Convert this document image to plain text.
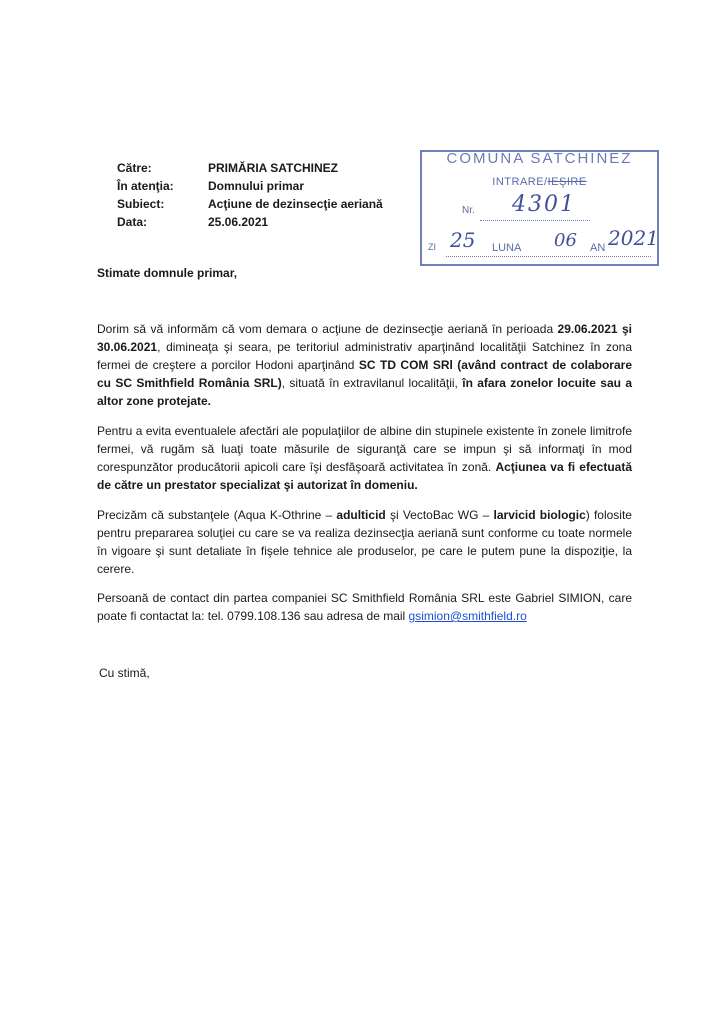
Către:	PRIMĂRIA SATCHINEZ
În atenţia:	Domnului primar
Subiect:	Acţiune de dezinsecţie aeriană
Data:	25.06.2021
COMUNA SATCHINEZ
INTRARE/IEŞIRE
Nr. 4301
ZI 25 LUNA 06 AN 2021
Stimate domnule primar,
Dorim să vă informăm că vom demara o acţiune de dezinsecţie aeriană în perioada 29.06.2021 şi 30.06.2021, dimineaţa şi seara, pe teritoriul administrativ aparţinând localităţii Satchinez în zona fermei de creştere a porcilor Hodoni aparţinând SC TD COM SRl (având contract de colaborare cu SC Smithfield România SRL), situată în extravilanul localităţii, în afara zonelor locuite sau a altor zone protejate.
Pentru a evita eventualele afectări ale populaţiilor de albine din stupinele existente în zonele limitrofe fermei, vă rugăm să luaţi toate măsurile de siguranţă care se impun şi să informaţi în mod corespunzător producătorii apicoli care îşi desfăşoară activitatea în zonă. Acţiunea va fi efectuată de către un prestator specializat şi autorizat în domeniu.
Precizăm că substanţele (Aqua K-Othrine – adulticid şi VectoBac WG – larvicid biologic) folosite pentru prepararea soluţiei cu care se va realiza dezinsecţia aeriană sunt conforme cu toate normele în vigoare şi sunt detaliate în fişele tehnice ale produselor, pe care le putem pune la dispoziţie, la cerere.
Persoană de contact din partea companiei SC Smithfield România SRL este Gabriel SIMION, care poate fi contactat la: tel. 0799.108.136 sau adresa de mail gsimion@smithfield.ro
Cu stimă,
